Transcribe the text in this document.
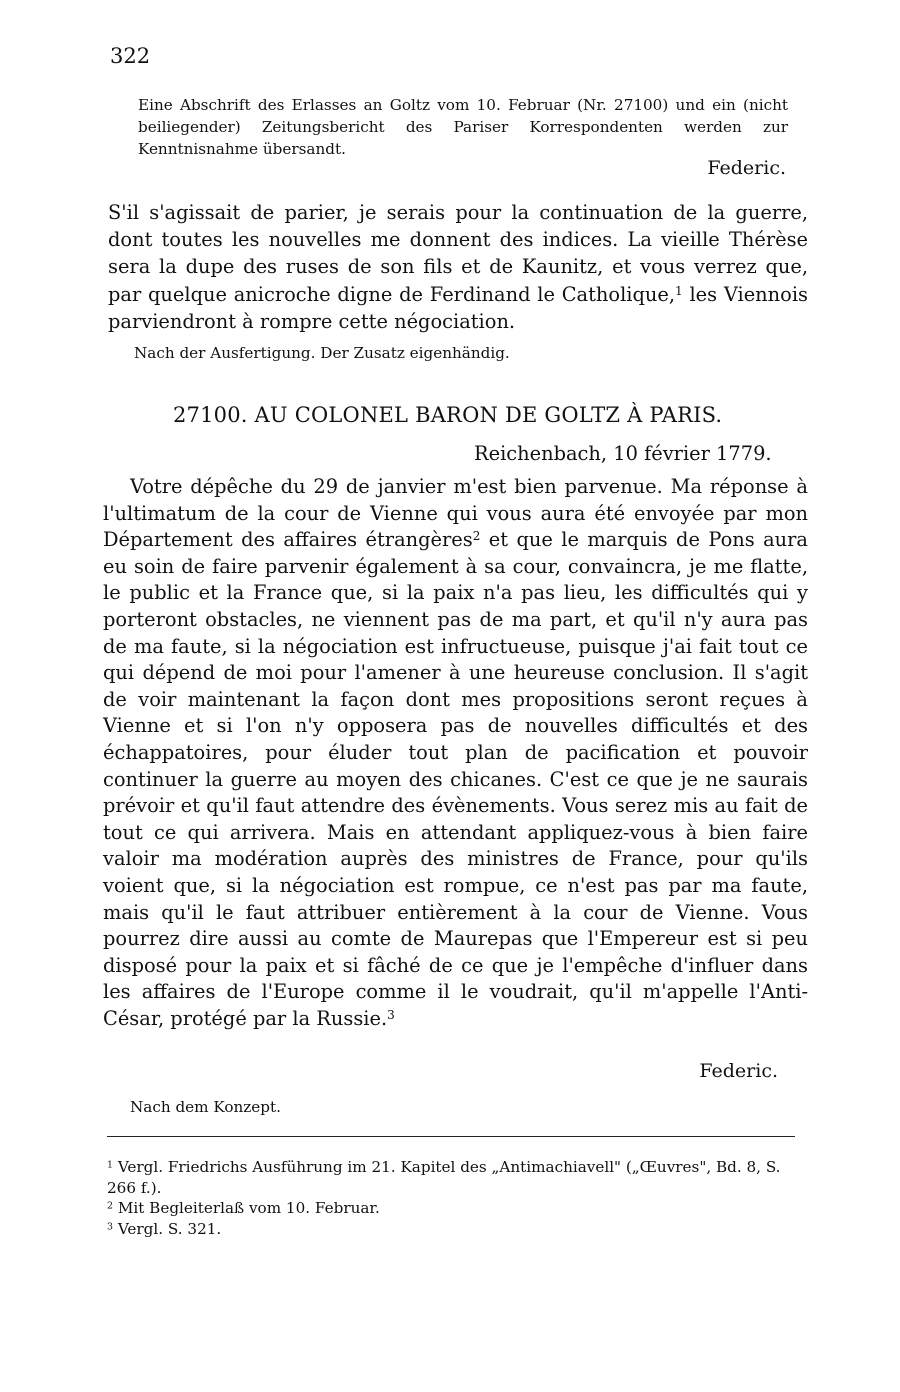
322
Eine Abschrift des Erlasses an Goltz vom 10. Februar (Nr. 27100) und ein (nicht beiliegender) Zeitungsbericht des Pariser Korrespondenten werden zur Kenntnisnahme übersandt.
Federic.
S'il s'agissait de parier, je serais pour la continuation de la guerre, dont toutes les nouvelles me donnent des indices. La vieille Thérèse sera la dupe des ruses de son fils et de Kaunitz, et vous verrez que, par quelque anicroche digne de Ferdinand le Catholique,$^1$ les Viennois parviendront à rompre cette négociation.
Nach der Ausfertigung. Der Zusatz eigenhändig.
27100. AU COLONEL BARON DE GOLTZ À PARIS.
Reichenbach, 10 février 1779.

Votre dépêche du 29 de janvier m'est bien parvenue. Ma réponse à l'ultimatum de la cour de Vienne qui vous aura été envoyée par mon Département des affaires étrangères$^2$ et que le marquis de Pons aura eu soin de faire parvenir également à sa cour, convaincra, je me flatte, le public et la France que, si la paix n'a pas lieu, les difficultés qui y porteront obstacles, ne viennent pas de ma part, et qu'il n'y aura pas de ma faute, si la négociation est infructueuse, puisque j'ai fait tout ce qui dépend de moi pour l'amener à une heureuse conclusion. Il s'agit de voir maintenant la façon dont mes propositions seront reçues à Vienne et si l'on n'y opposera pas de nouvelles difficultés et des échappatoires, pour éluder tout plan de pacification et pouvoir continuer la guerre au moyen des chicanes. C'est ce que je ne saurais prévoir et qu'il faut attendre des évènements. Vous serez mis au fait de tout ce qui arrivera. Mais en attendant appliquez-vous à bien faire valoir ma modération auprès des ministres de France, pour qu'ils voient que, si la négociation est rompue, ce n'est pas par ma faute, mais qu'il le faut attribuer entièrement à la cour de Vienne. Vous pourrez dire aussi au comte de Maurepas que l'Empereur est si peu disposé pour la paix et si fâché de ce que je l'empêche d'influer dans les affaires de l'Europe comme il le voudrait, qu'il m'appelle l'Anti-César, protégé par la Russie.$^3$

Federic.
Nach dem Konzept.

$^1$ Vergl. Friedrichs Ausführung im 21. Kapitel des „Antimachiavell" („Œuvres", Bd. 8, S. 266 f.).

$^2$ Mit Begleiterlaß vom 10. Februar.

$^3$ Vergl. S. 321.
